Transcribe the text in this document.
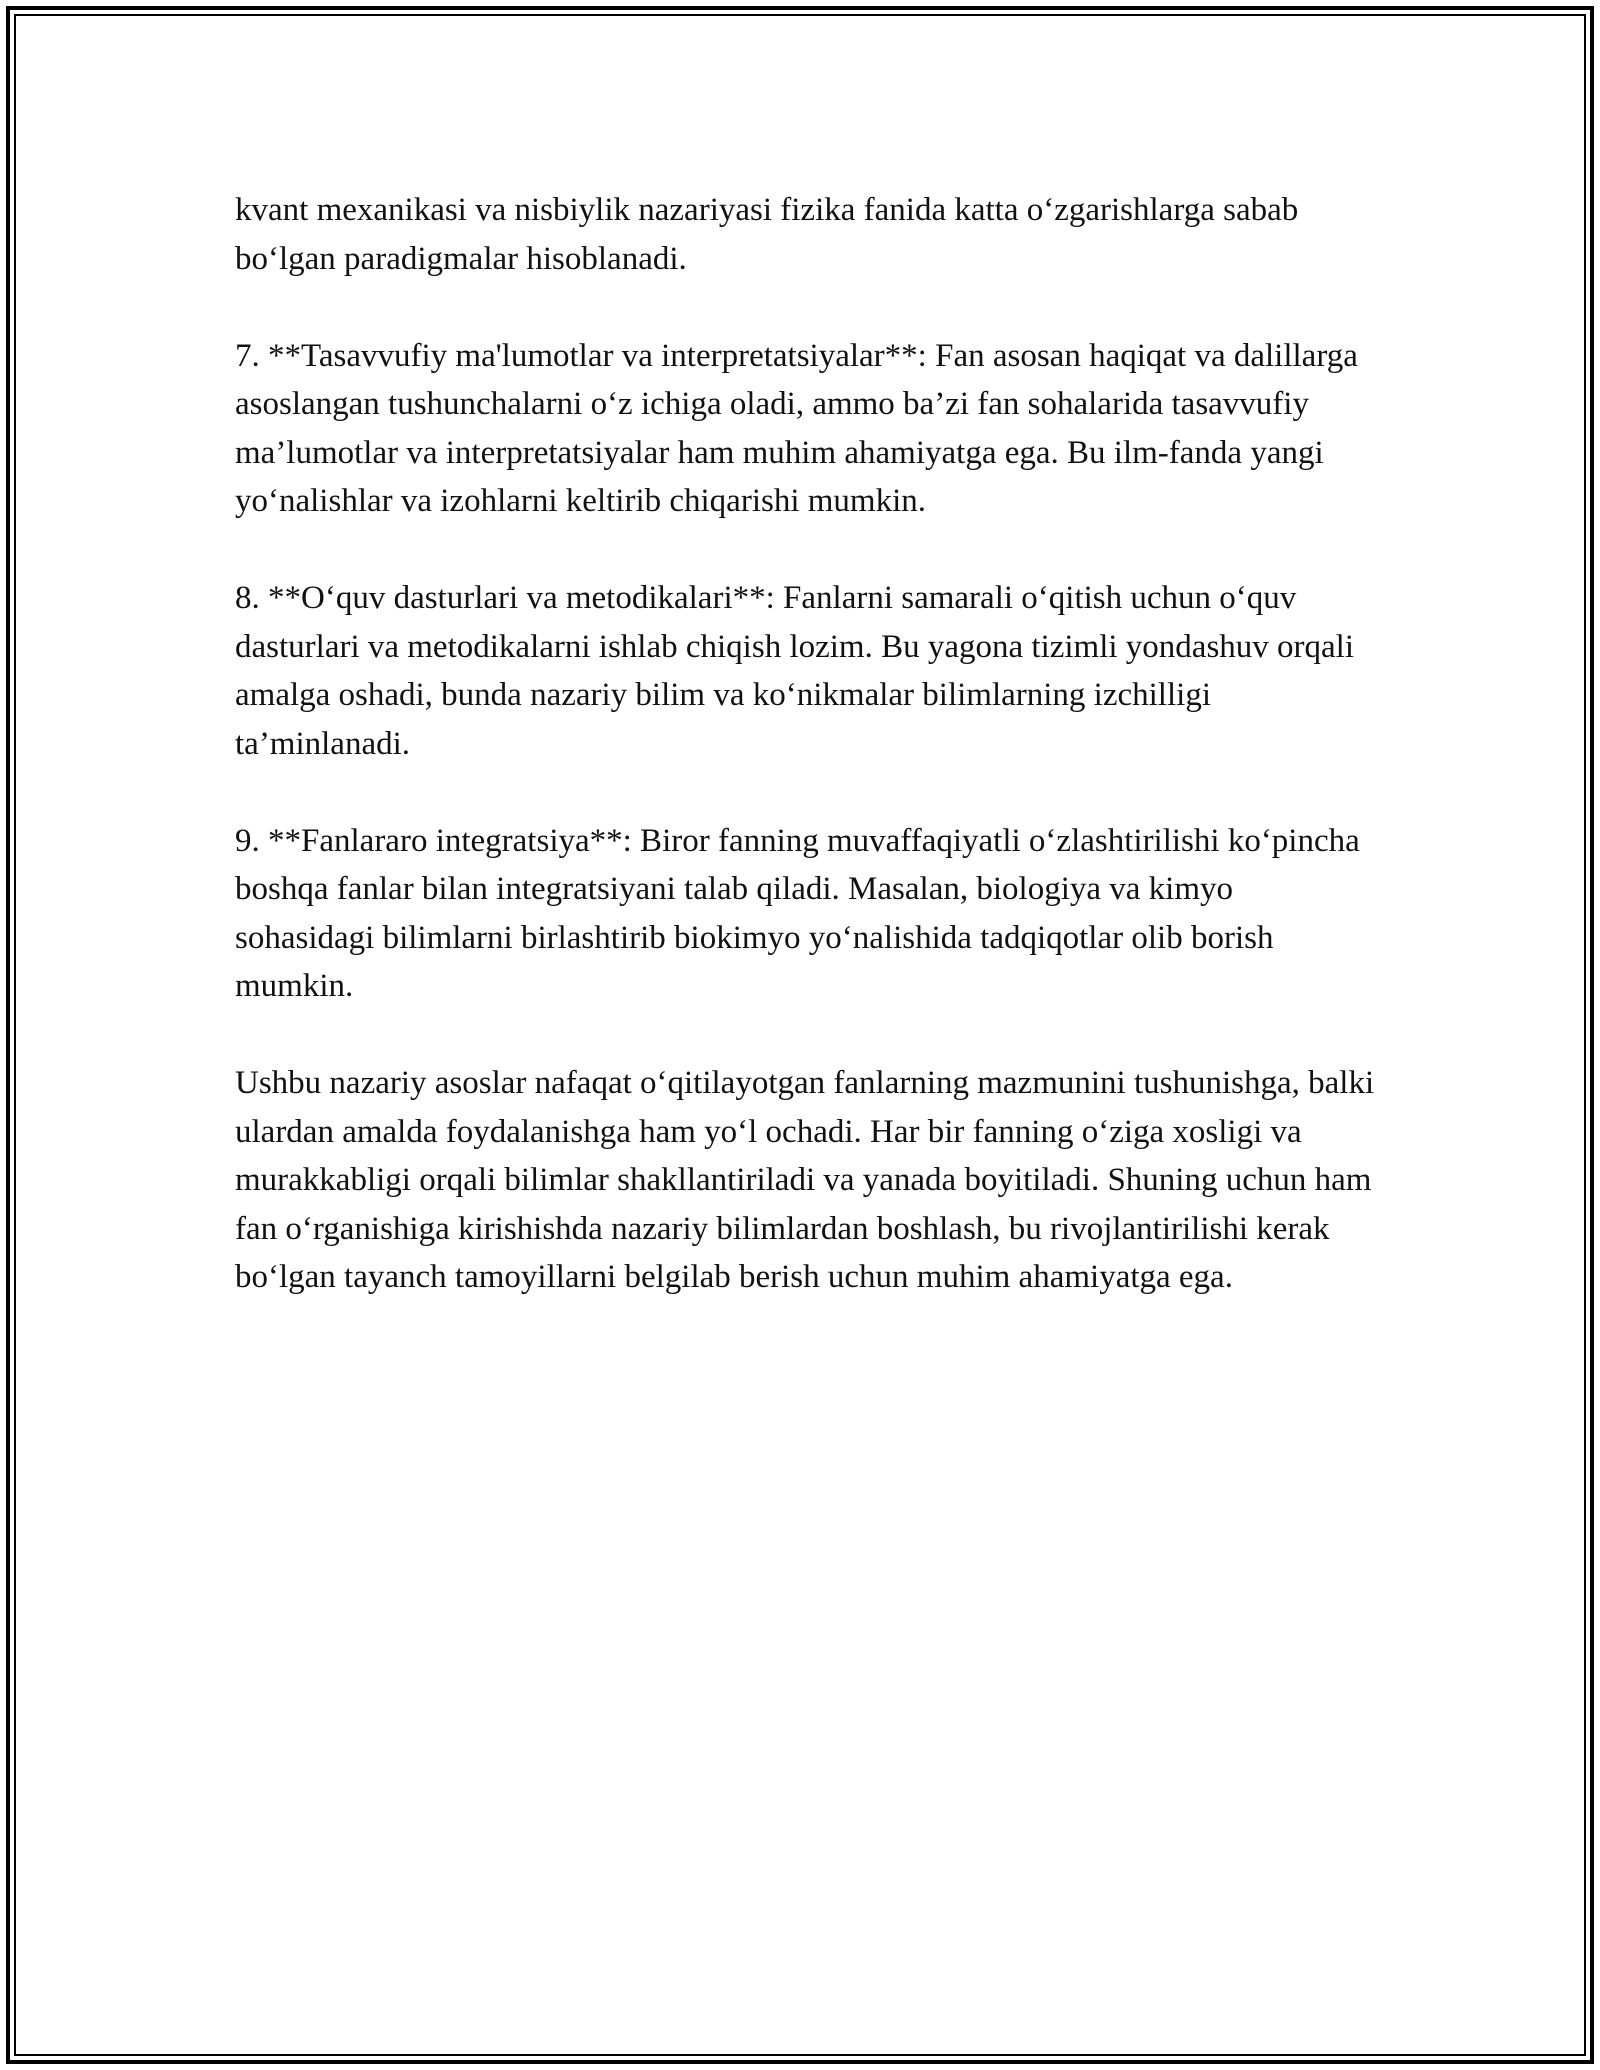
kvant mexanikasi va nisbiylik nazariyasi fizika fanida katta o‘zgarishlarga sabab bo‘lgan paradigmalar hisoblanadi.

7. **Tasavvufiy ma'lumotlar va interpretatsiyalar**: Fan asosan haqiqat va dalillarga asoslangan tushunchalarni o‘z ichiga oladi, ammo ba’zi fan sohalarida tasavvufiy ma’lumotlar va interpretatsiyalar ham muhim ahamiyatga ega. Bu ilm-fanda yangi yo‘nalishlar va izohlarni keltirib chiqarishi mumkin.

8. **O‘quv dasturlari va metodikalari**: Fanlarni samarali o‘qitish uchun o‘quv dasturlari va metodikalarni ishlab chiqish lozim. Bu yagona tizimli yondashuv orqali amalga oshadi, bunda nazariy bilim va ko‘nikmalar bilimlarning izchilligi ta’minlanadi.

9. **Fanlararo integratsiya**: Biror fanning muvaffaqiyatli o‘zlashtirilishi ko‘pincha boshqa fanlar bilan integratsiyani talab qiladi. Masalan, biologiya va kimyo sohasidagi bilimlarni birlashtirib biokimyo yo‘nalishida tadqiqotlar olib borish mumkin.

Ushbu nazariy asoslar nafaqat o‘qitilayotgan fanlarning mazmunini tushunishga, balki ulardan amalda foydalanishga ham yo‘l ochadi. Har bir fanning o‘ziga xosligi va murakkabligi orqali bilimlar shakllantiriladi va yanada boyitiladi. Shuning uchun ham fan o‘rganishiga kirishishda nazariy bilimlardan boshlash, bu rivojlantirilishi kerak bo‘lgan tayanch tamoyillarni belgilab berish uchun muhim ahamiyatga ega.
